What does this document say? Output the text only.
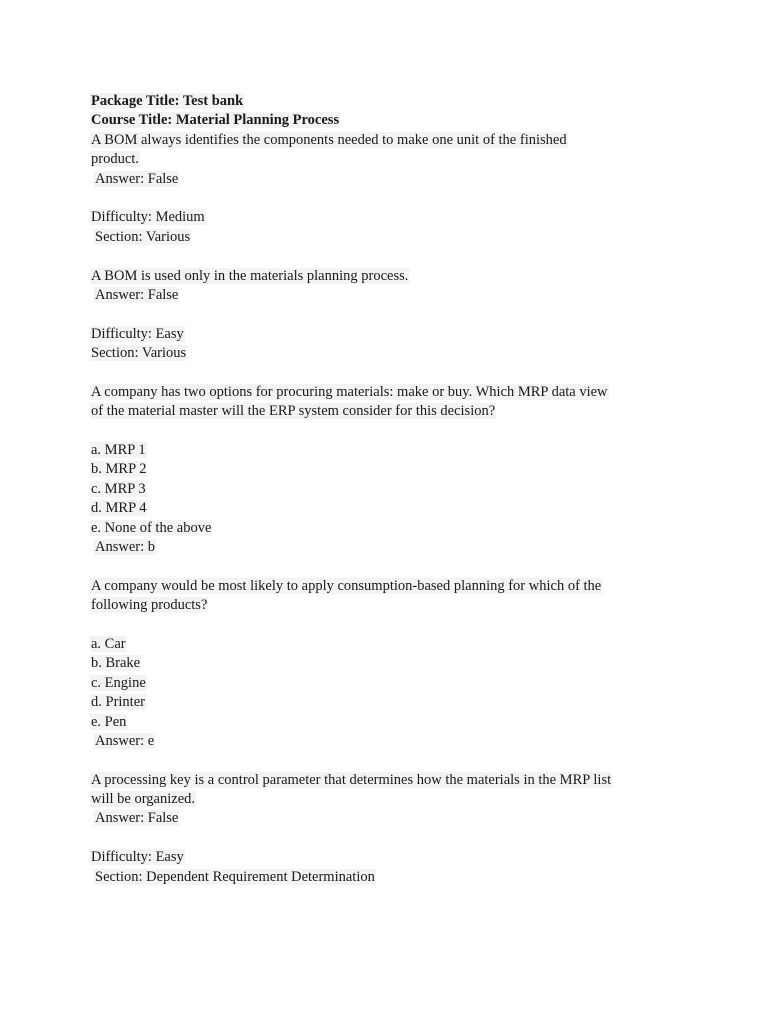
Package Title: Test bank
Course Title: Material Planning Process
A BOM always identifies the components needed to make one unit of the finished
product.
Answer: False
Difficulty: Medium
Section: Various
A BOM is used only in the materials planning process.
Answer: False
Difficulty: Easy
Section: Various
A company has two options for procuring materials: make or buy. Which MRP data view
of the material master will the ERP system consider for this decision?
a. MRP 1
b. MRP 2
c. MRP 3
d. MRP 4
e. None of the above
Answer: b
A company would be most likely to apply consumption-based planning for which of the
following products?
a. Car
b. Brake
c. Engine
d. Printer
e. Pen
Answer: e
A processing key is a control parameter that determines how the materials in the MRP list
will be organized.
Answer: False
Difficulty: Easy
Section: Dependent Requirement Determination
